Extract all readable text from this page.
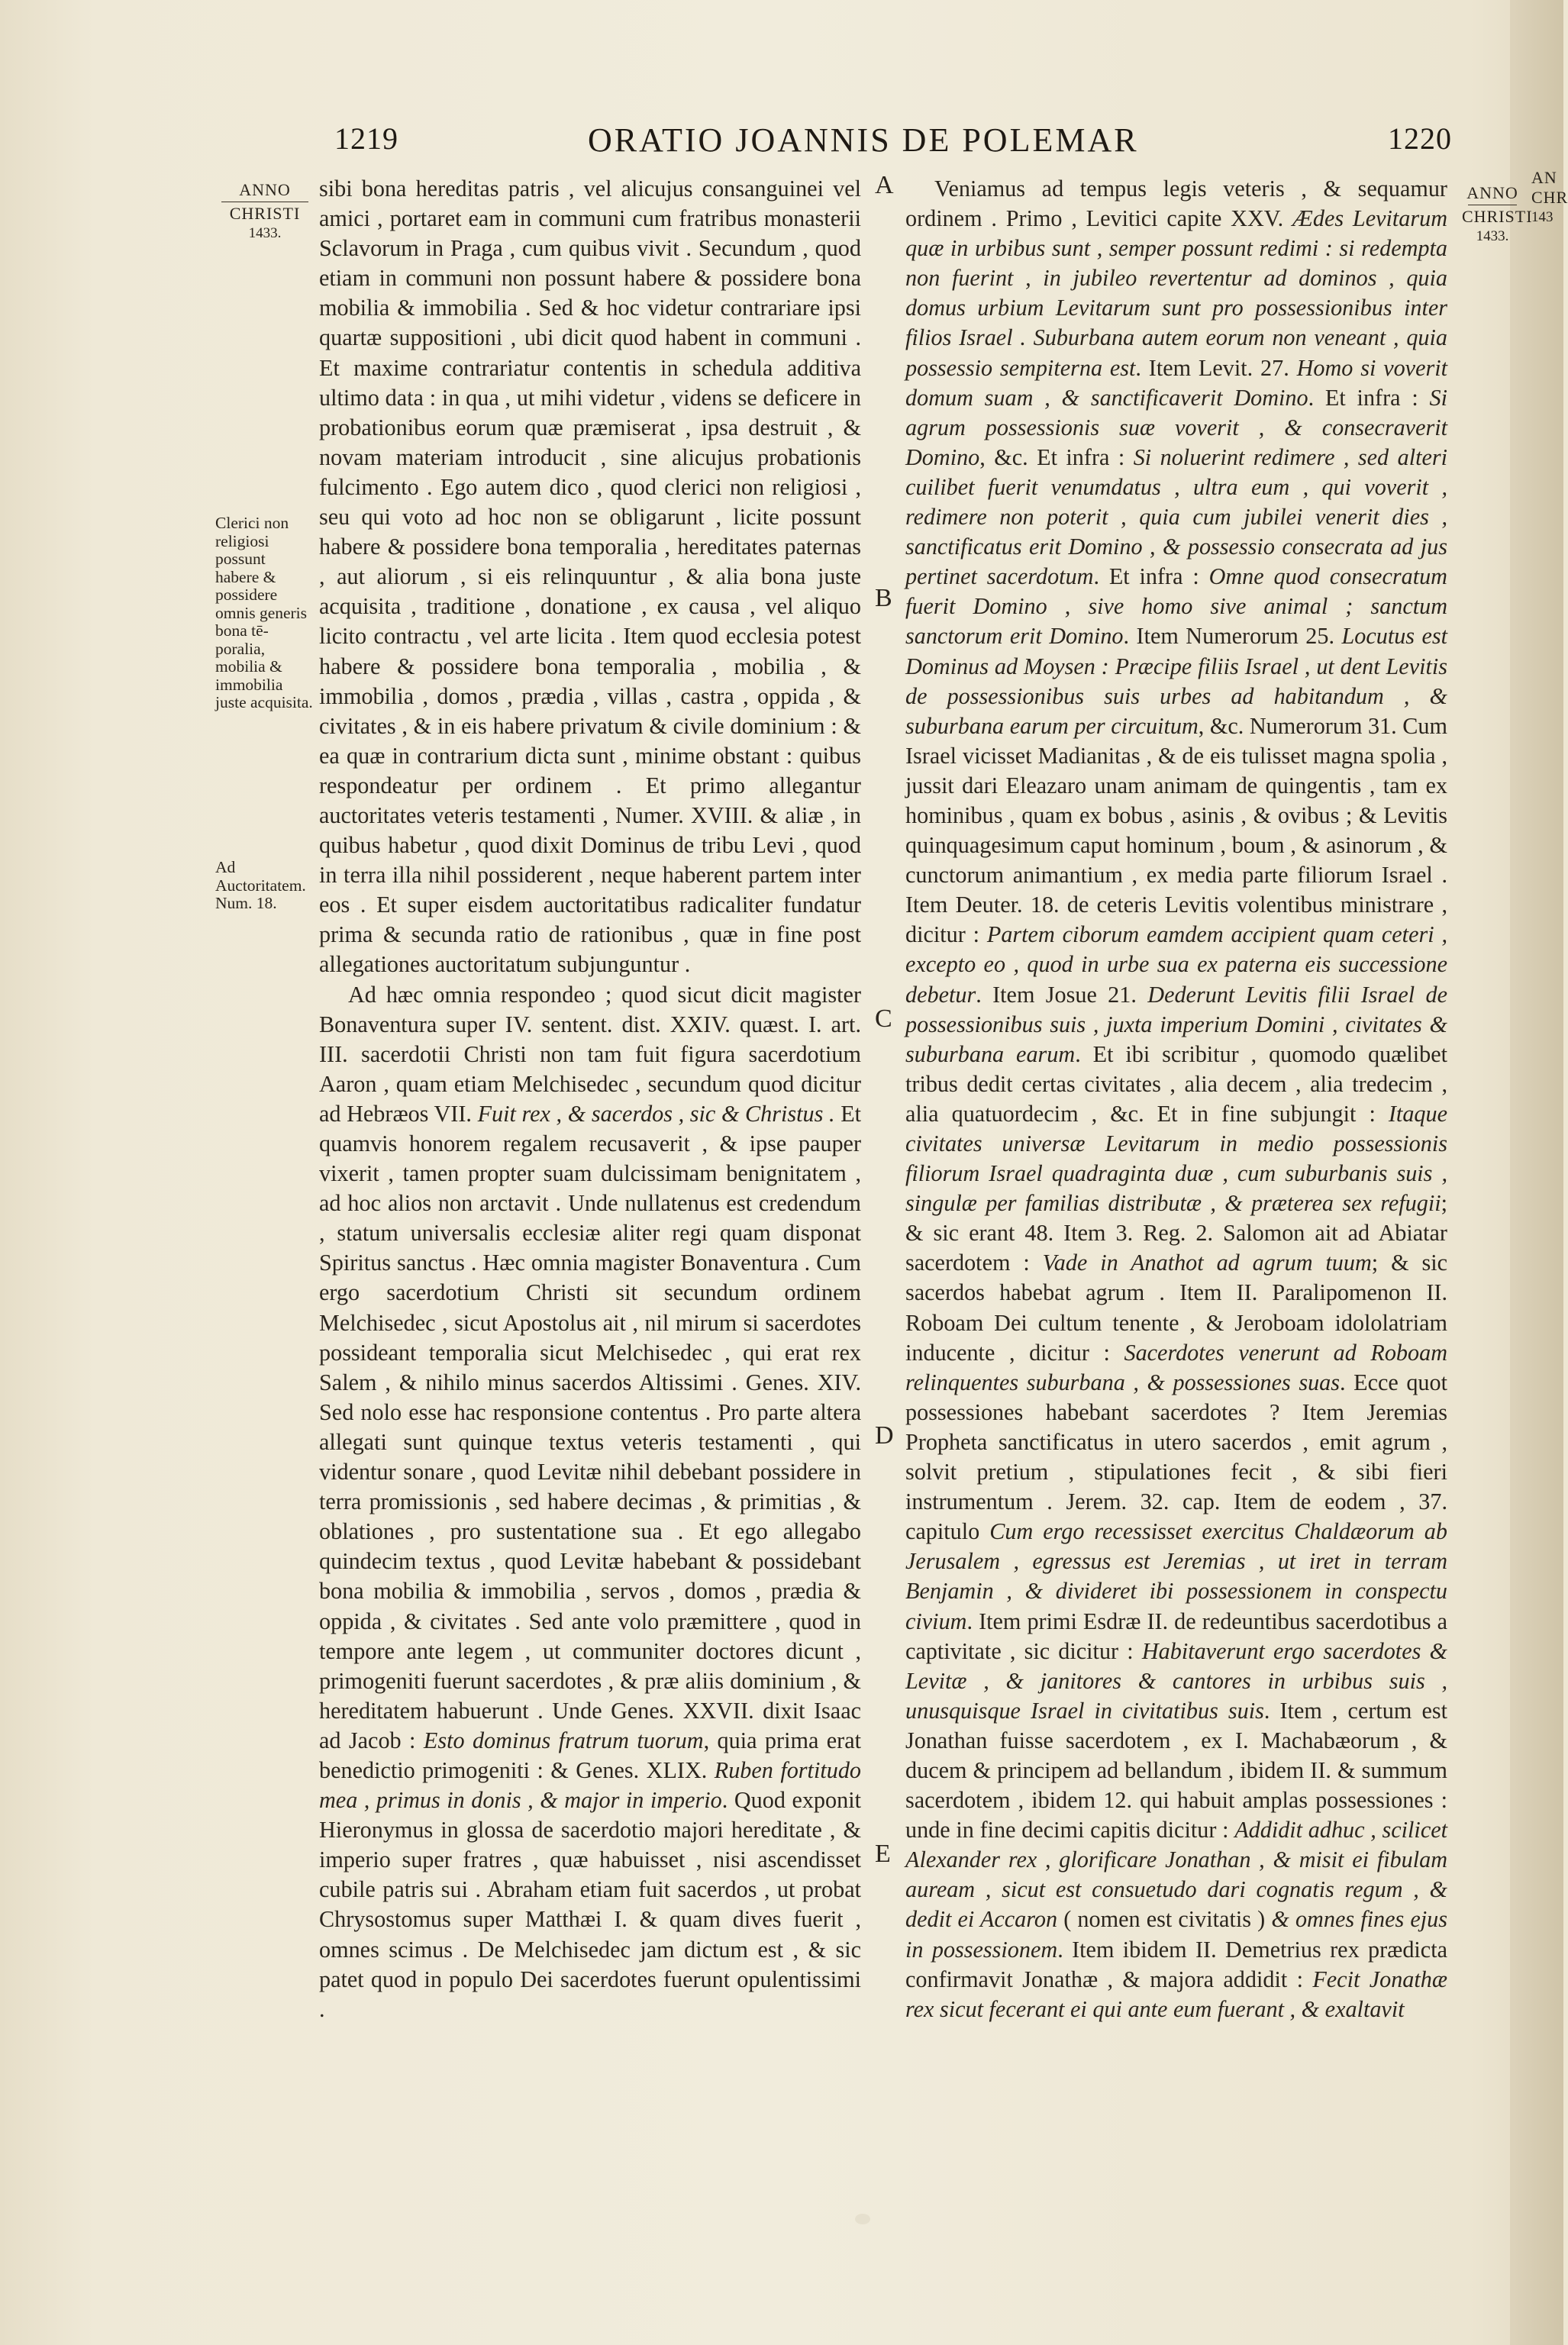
1219	ORATIO JOANNIS DE POLEMAR	1220
ANNO
CHRISTI
1433.
ANNO
CHRISTI
1433.
AN
CHR
143
Clerici non religiosi possunt habere & possidere omnis generis bona tē-poralia, mobilia & immobilia juste acquisita.
Ad Auctoritatem. Num. 18.
A
B
C
D
E

sibi bona hereditas patris , vel alicujus consanguinei vel amici , portaret eam in communi cum fratribus monasterii Sclavorum in Praga , cum quibus vivit . Secundum , quod etiam in communi non possunt habere & possidere bona mobilia & immobilia . Sed & hoc videtur contrariare ipsi quartæ suppositioni , ubi dicit quod habent in communi . Et maxime contrariatur contentis in schedula additiva ultimo data : in qua , ut mihi videtur , videns se deficere in probationibus eorum quæ præmiserat , ipsa destruit , & novam materiam introducit , sine alicujus probationis fulcimento . Ego autem dico , quod clerici non religiosi , seu qui voto ad hoc non se obligarunt , licite possunt habere & possidere bona temporalia , hereditates paternas , aut aliorum , si eis relinquuntur , & alia bona juste acquisita , traditione , donatione , ex causa , vel aliquo licito contractu , vel arte licita . Item quod ecclesia potest habere & possidere bona temporalia , mobilia , & immobilia , domos , prædia , villas , castra , oppida , & civitates , & in eis habere privatum & civile dominium : & ea quæ in contrarium dicta sunt , minime obstant : quibus respondeatur per ordinem . Et primo allegantur auctoritates veteris testamenti , Numer. XVIII. & aliæ , in quibus habetur , quod dixit Dominus de tribu Levi , quod in terra illa nihil possiderent , neque haberent partem inter eos . Et super eisdem auctoritatibus radicaliter fundatur prima & secunda ratio de rationibus , quæ in fine post allegationes auctoritatum subjunguntur .

Ad hæc omnia respondeo ; quod sicut dicit magister Bonaventura super IV. sentent. dist. XXIV. quæst. I. art. III. sacerdotii Christi non tam fuit figura sacerdotium Aaron , quam etiam Melchisedec , secundum quod dicitur ad Hebræos VII. Fuit rex , & sacerdos , sic & Christus . Et quamvis honorem regalem recusaverit , & ipse pauper vixerit , tamen propter suam dulcissimam benignitatem , ad hoc alios non arctavit . Unde nullatenus est credendum , statum universalis ecclesiæ aliter regi quam disponat Spiritus sanctus . Hæc omnia magister Bonaventura . Cum ergo sacerdotium Christi sit secundum ordinem Melchisedec , sicut Apostolus ait , nil mirum si sacerdotes possideant temporalia sicut Melchisedec , qui erat rex Salem , & nihilo minus sacerdos Altissimi . Genes. XIV. Sed nolo esse hac responsione contentus . Pro parte altera allegati sunt quinque textus veteris testamenti , qui videntur sonare , quod Levitæ nihil debebant possidere in terra promissionis , sed habere decimas , & primitias , & oblationes , pro sustentatione sua . Et ego allegabo quindecim textus , quod Levitæ habebant & possidebant bona mobilia & immobilia , servos , domos , prædia & oppida , & civitates . Sed ante volo præmittere , quod in tempore ante legem , ut communiter doctores dicunt , primogeniti fuerunt sacerdotes , & præ aliis dominium , & hereditatem habuerunt . Unde Genes. XXVII. dixit Isaac ad Jacob : Esto dominus fratrum tuorum, quia prima erat benedictio primogeniti : & Genes. XLIX. Ruben fortitudo mea , primus in donis , & major in imperio. Quod exponit Hieronymus in glossa de sacerdotio majori hereditate , & imperio super fratres , quæ habuisset , nisi ascendisset cubile patris sui . Abraham etiam fuit sacerdos , ut probat Chrysostomus super Matthæi I. & quam dives fuerit , omnes scimus . De Melchisedec jam dictum est , & sic patet quod in populo Dei sacerdotes fuerunt opulentissimi .

Veniamus ad tempus legis veteris , & sequamur ordinem . Primo , Levitici capite XXV. Ædes Levitarum quæ in urbibus sunt , semper possunt redimi : si redempta non fuerint , in jubileo revertentur ad dominos , quia domus urbium Levitarum sunt pro possessionibus inter filios Israel . Suburbana autem eorum non veneant , quia possessio sempiterna est. Item Levit. 27. Homo si voverit domum suam , & sanctificaverit Domino. Et infra : Si agrum possessionis suæ voverit , & consecraverit Domino, &c. Et infra : Si noluerint redimere , sed alteri cuilibet fuerit venumdatus , ultra eum , qui voverit , redimere non poterit , quia cum jubilei venerit dies , sanctificatus erit Domino , & possessio consecrata ad jus pertinet sacerdotum. Et infra : Omne quod consecratum fuerit Domino , sive homo sive animal ; sanctum sanctorum erit Domino. Item Numerorum 25. Locutus est Dominus ad Moysen : Præcipe filiis Israel , ut dent Levitis de possessionibus suis urbes ad habitandum , & suburbana earum per circuitum, &c. Numerorum 31. Cum Israel vicisset Madianitas , & de eis tulisset magna spolia , jussit dari Eleazaro unam animam de quingentis , tam ex hominibus , quam ex bobus , asinis , & ovibus ; & Levitis quinquagesimum caput hominum , boum , & asinorum , & cunctorum animantium , ex media parte filiorum Israel . Item Deuter. 18. de ceteris Levitis volentibus ministrare , dicitur : Partem ciborum eamdem accipient quam ceteri , excepto eo , quod in urbe sua ex paterna eis successione debetur. Item Josue 21. Dederunt Levitis filii Israel de possessionibus suis , juxta imperium Domini , civitates & suburbana earum. Et ibi scribitur , quomodo quælibet tribus dedit certas civitates , alia decem , alia tredecim , alia quatuordecim , &c. Et in fine subjungit : Itaque civitates universæ Levitarum in medio possessionis filiorum Israel quadraginta duæ , cum suburbanis suis , singulæ per familias distributæ , & præterea sex refugii; & sic erant 48. Item 3. Reg. 2. Salomon ait ad Abiatar sacerdotem : Vade in Anathot ad agrum tuum; & sic sacerdos habebat agrum . Item II. Paralipomenon II. Roboam Dei cultum tenente , & Jeroboam idololatriam inducente , dicitur : Sacerdotes venerunt ad Roboam relinquentes suburbana , & possessiones suas. Ecce quot possessiones habebant sacerdotes ? Item Jeremias Propheta sanctificatus in utero sacerdos , emit agrum , solvit pretium , stipulationes fecit , & sibi fieri instrumentum . Jerem. 32. cap. Item de eodem , 37. capitulo Cum ergo recessisset exercitus Chaldæorum ab Jerusalem , egressus est Jeremias , ut iret in terram Benjamin , & divideret ibi possessionem in conspectu civium. Item primi Esdræ II. de redeuntibus sacerdotibus a captivitate , sic dicitur : Habitaverunt ergo sacerdotes & Levitæ , & janitores & cantores in urbibus suis , unusquisque Israel in civitatibus suis. Item , certum est Jonathan fuisse sacerdotem , ex I. Machabæorum , & ducem & principem ad bellandum , ibidem II. & summum sacerdotem , ibidem 12. qui habuit amplas possessiones : unde in fine decimi capitis dicitur : Addidit adhuc , scilicet Alexander rex , glorificare Jonathan , & misit ei fibulam auream , sicut est consuetudo dari cognatis regum , & dedit ei Accaron ( nomen est civitatis ) & omnes fines ejus in possessionem. Item ibidem II. Demetrius rex prædicta confirmavit Jonathæ , & majora addidit : Fecit Jonathæ rex sicut fecerant ei qui ante eum fuerant , & exaltavit
